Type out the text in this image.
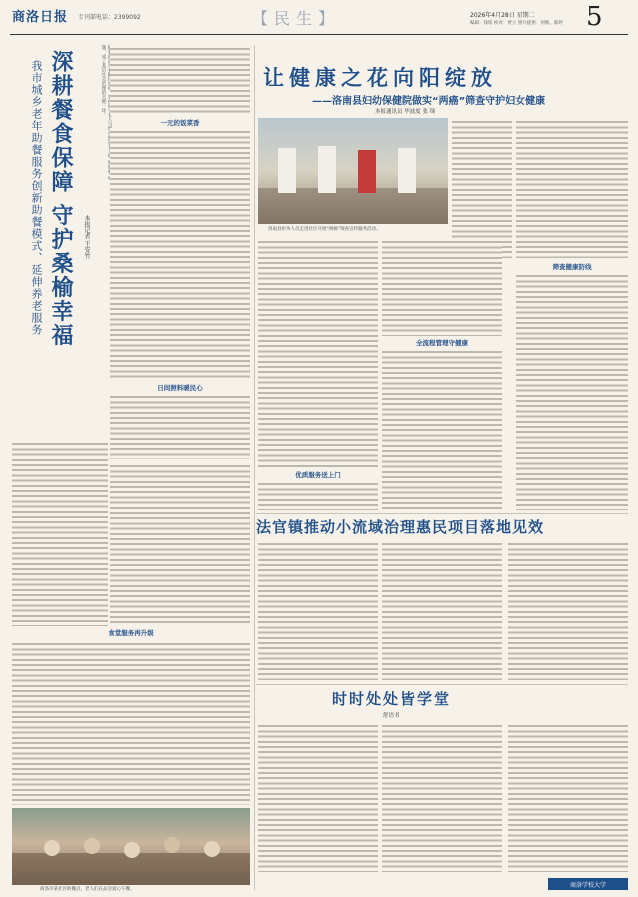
商洛日报 专刊部电话：2399092	【民生】	2026年4月28日 星期二
编辑：钱铭 校对：贾立 照片提供：何维、陈婷 5
深耕餐食保障 守护桑榆幸福
我市城乡老年助餐服务创新助餐模式、延伸养老服务	本报记者 王安竹
农村留守老人与城市独居老 题，成了基层社会治理的关键一环。
一元的饭菜香
日间照料暖民心
食堂服务再升级
商洛市某社区助餐点，老人们在品尝爱心午餐。
让健康之花向阳绽放
——洛南县妇幼保健院做实“两癌”筛查守护妇女健康
本报通讯员 毕波度 张 锦
洛南县医务人员走进社区开展“两癌”筛查宣传服务活动。
优质服务送上门
全流程管理守健康
筛查健康防线
法官镇推动小流域治理惠民项目落地见效
时时处处皆学堂
舒语书
商洛学校大学
